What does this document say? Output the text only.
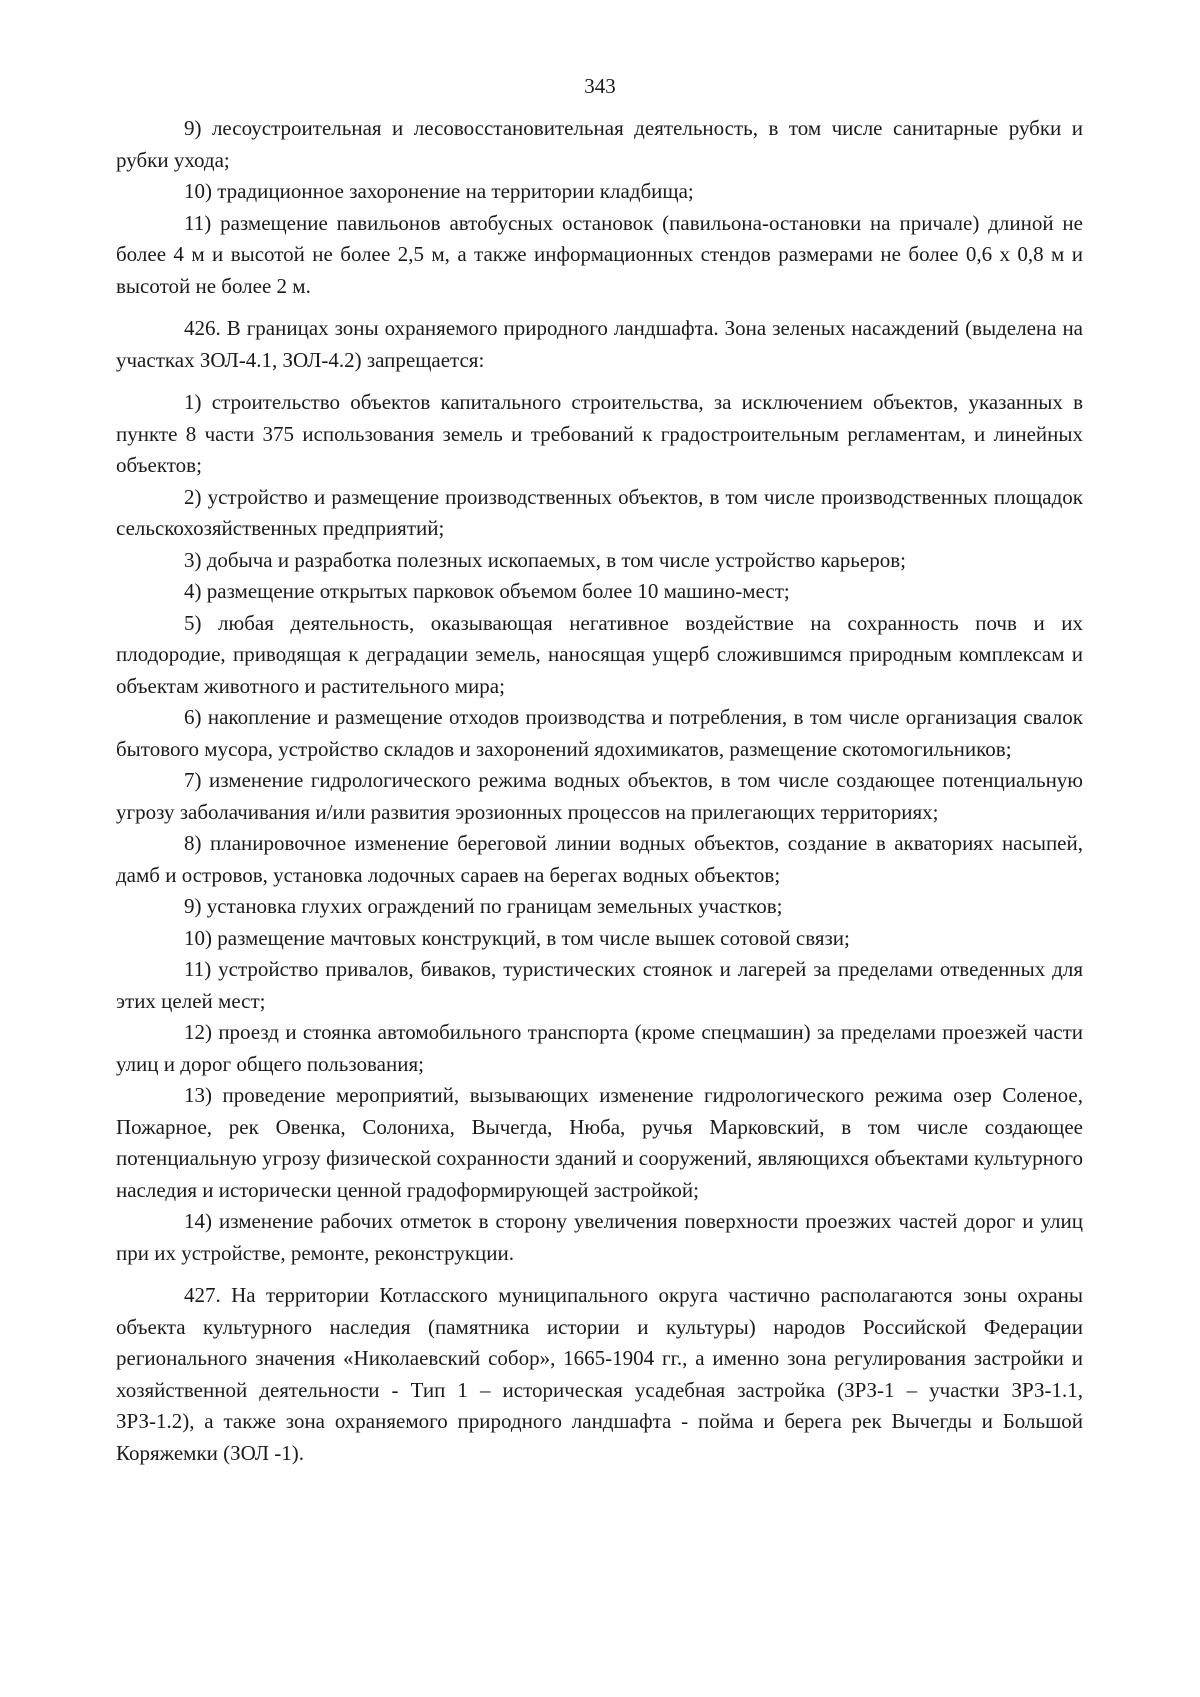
343

9) лесоустроительная и лесовосстановительная деятельность, в том числе санитарные рубки и рубки ухода;

10) традиционное захоронение на территории кладбища;

11) размещение павильонов автобусных остановок (павильона-остановки на причале) длиной не более 4 м и высотой не более 2,5 м, а также информационных стендов размерами не более 0,6 х 0,8 м и высотой не более 2 м.

426. В границах зоны охраняемого природного ландшафта. Зона зеленых насаждений (выделена на участках ЗОЛ-4.1, ЗОЛ-4.2) запрещается:

1) строительство объектов капитального строительства, за исключением объектов, указанных в пункте 8 части 375 использования земель и требований к градостроительным регламентам, и линейных объектов;

2) устройство и размещение производственных объектов, в том числе производственных площадок сельскохозяйственных предприятий;

3) добыча и разработка полезных ископаемых, в том числе устройство карьеров;

4) размещение открытых парковок объемом более 10 машино-мест;

5) любая деятельность, оказывающая негативное воздействие на сохранность почв и их плодородие, приводящая к деградации земель, наносящая ущерб сложившимся природным комплексам и объектам животного и растительного мира;

6) накопление и размещение отходов производства и потребления, в том числе организация свалок бытового мусора, устройство складов и захоронений ядохимикатов, размещение скотомогильников;

7) изменение гидрологического режима водных объектов, в том числе создающее потенциальную угрозу заболачивания и/или развития эрозионных процессов на прилегающих территориях;

8) планировочное изменение береговой линии водных объектов, создание в акваториях насыпей, дамб и островов, установка лодочных сараев на берегах водных объектов;

9) установка глухих ограждений по границам земельных участков;

10) размещение мачтовых конструкций, в том числе вышек сотовой связи;

11) устройство привалов, биваков, туристических стоянок и лагерей за пределами отведенных для этих целей мест;

12) проезд и стоянка автомобильного транспорта (кроме спецмашин) за пределами проезжей части улиц и дорог общего пользования;

13) проведение мероприятий, вызывающих изменение гидрологического режима озер Соленое, Пожарное, рек Овенка, Солониха, Вычегда, Нюба, ручья Марковский, в том числе создающее потенциальную угрозу физической сохранности зданий и сооружений, являющихся объектами культурного наследия и исторически ценной градоформирующей застройкой;

14) изменение рабочих отметок в сторону увеличения поверхности проезжих частей дорог и улиц при их устройстве, ремонте, реконструкции.

427. На территории Котласского муниципального округа частично располагаются зоны охраны объекта культурного наследия (памятника истории и культуры) народов Российской Федерации регионального значения «Николаевский собор», 1665-1904 гг., а именно зона регулирования застройки и хозяйственной деятельности - Тип 1 – историческая усадебная застройка (ЗРЗ-1 – участки ЗРЗ-1.1, ЗРЗ-1.2), а также зона охраняемого природного ландшафта - пойма и берега рек Вычегды и Большой Коряжемки (ЗОЛ -1).
